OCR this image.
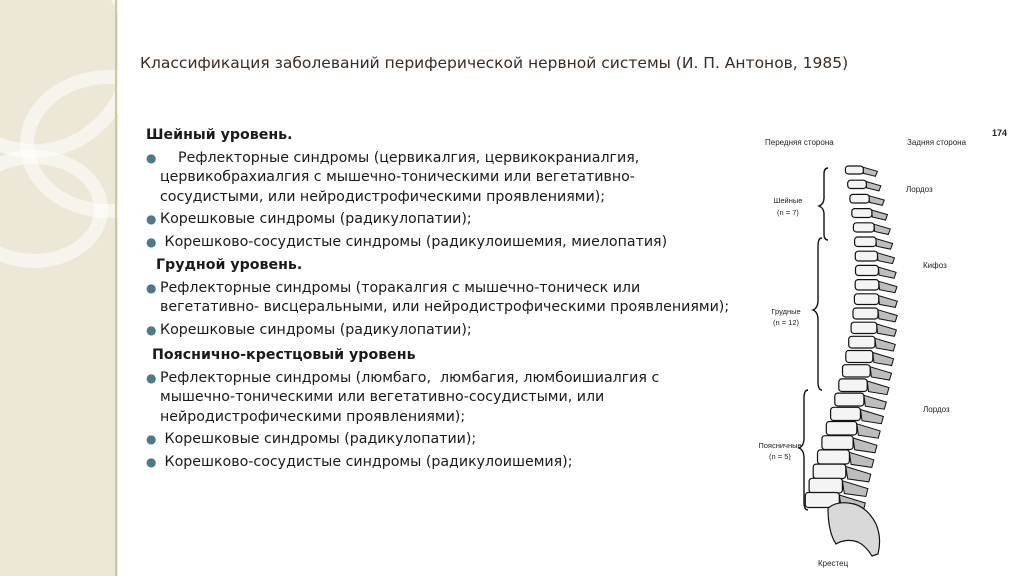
Классификация заболеваний периферической нервной системы (И. П. Антонов, 1985)

Шейный уровень.

● Рефлекторные синдромы (цервикалгия, цервикокраниалгия, цервикобрахиалгия с мышечно-тоническими или вегетативно-сосудистыми, или нейродистрофическими проявлениями);
● Корешковые синдромы (радикулопатии);
● Корешково-сосудистые синдромы (радикулоишемия, миелопатия)

Грудной уровень.

● Рефлекторные синдромы (торакалгия с мышечно-тоническ или вегетативно- висцеральными, или нейродистрофическими проявлениями);
● Корешковые синдромы (радикулопатии);

Пояснично-крестцовый уровень

● Рефлекторные синдромы (люмбаго,  люмбагия, люмбоишиалгия с мышечно-тоническими или вегетативно-сосудистыми, или нейродистрофическими проявлениями);
● Корешковые синдромы (радикулопатии);
● Корешково-сосудистые синдромы (радикулоишемия);
174
Передняя сторона	Задняя сторона
Шейные
(n = 7)
Грудные
(n = 12)
Поясничные
(n = 5)
Лордоз
Кифоз
Лордоз
Крестец
